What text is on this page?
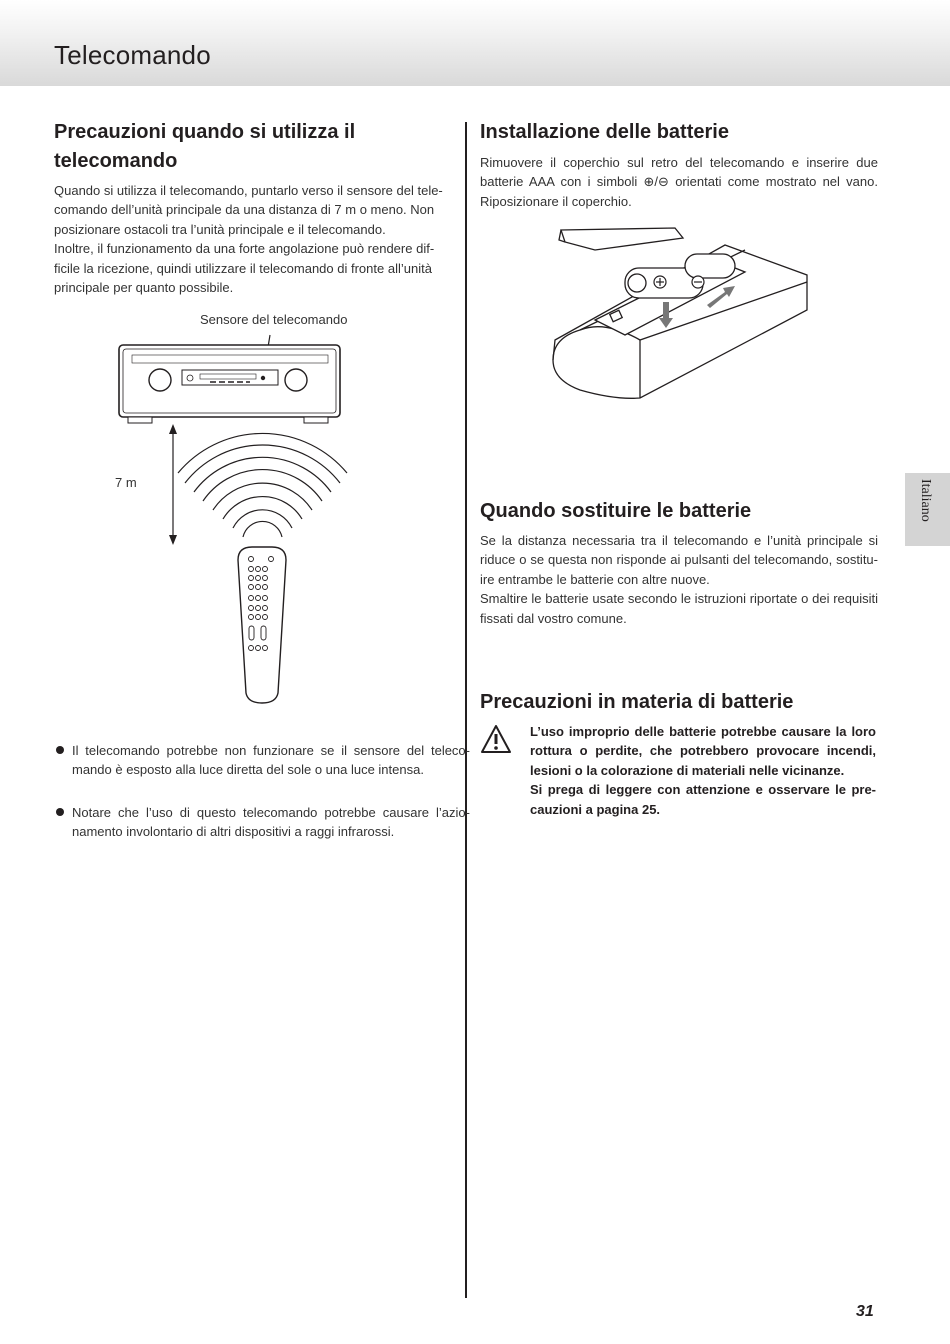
Telecomando
Italiano
Precauzioni quando si utilizza il
telecomando
Quando si utilizza il telecomando, puntarlo verso il sensore del tele-
comando dell’unità principale da una distanza di 7 m o meno. Non
posizionare ostacoli tra l’unità principale e il telecomando.
Inoltre, il funzionamento da una forte angolazione può rendere dif-
ficile la ricezione, quindi utilizzare il telecomando di fronte all’unità
principale per quanto possibile.
Sensore del telecomando
7 m
Il telecomando potrebbe non funzionare se il sensore del teleco-mando è esposto alla luce diretta del sole o una luce intensa.
Notare che l’uso di questo telecomando potrebbe causare l’azio-namento involontario di altri dispositivi a raggi infrarossi.
Installazione delle batterie
Rimuovere il coperchio sul retro del telecomando e inserire due batterie AAA con i simboli ⊕/⊖ orientati come mostrato nel vano. Riposizionare il coperchio.
Quando sostituire le batterie
Se la distanza necessaria tra il telecomando e l’unità principale si riduce o se questa non risponde ai pulsanti del telecomando, sostitu-ire entrambe le batterie con altre nuove.
Smaltire le batterie usate secondo le istruzioni riportate o dei requisiti fissati dal vostro comune.
Precauzioni in materia di batterie
L’uso improprio delle batterie potrebbe causare la loro rottura o perdite, che potrebbero provocare incendi, lesioni o la colorazione di materiali nelle vicinanze.
Si prega di leggere con attenzione e osservare le pre-cauzioni a pagina 25.
31
